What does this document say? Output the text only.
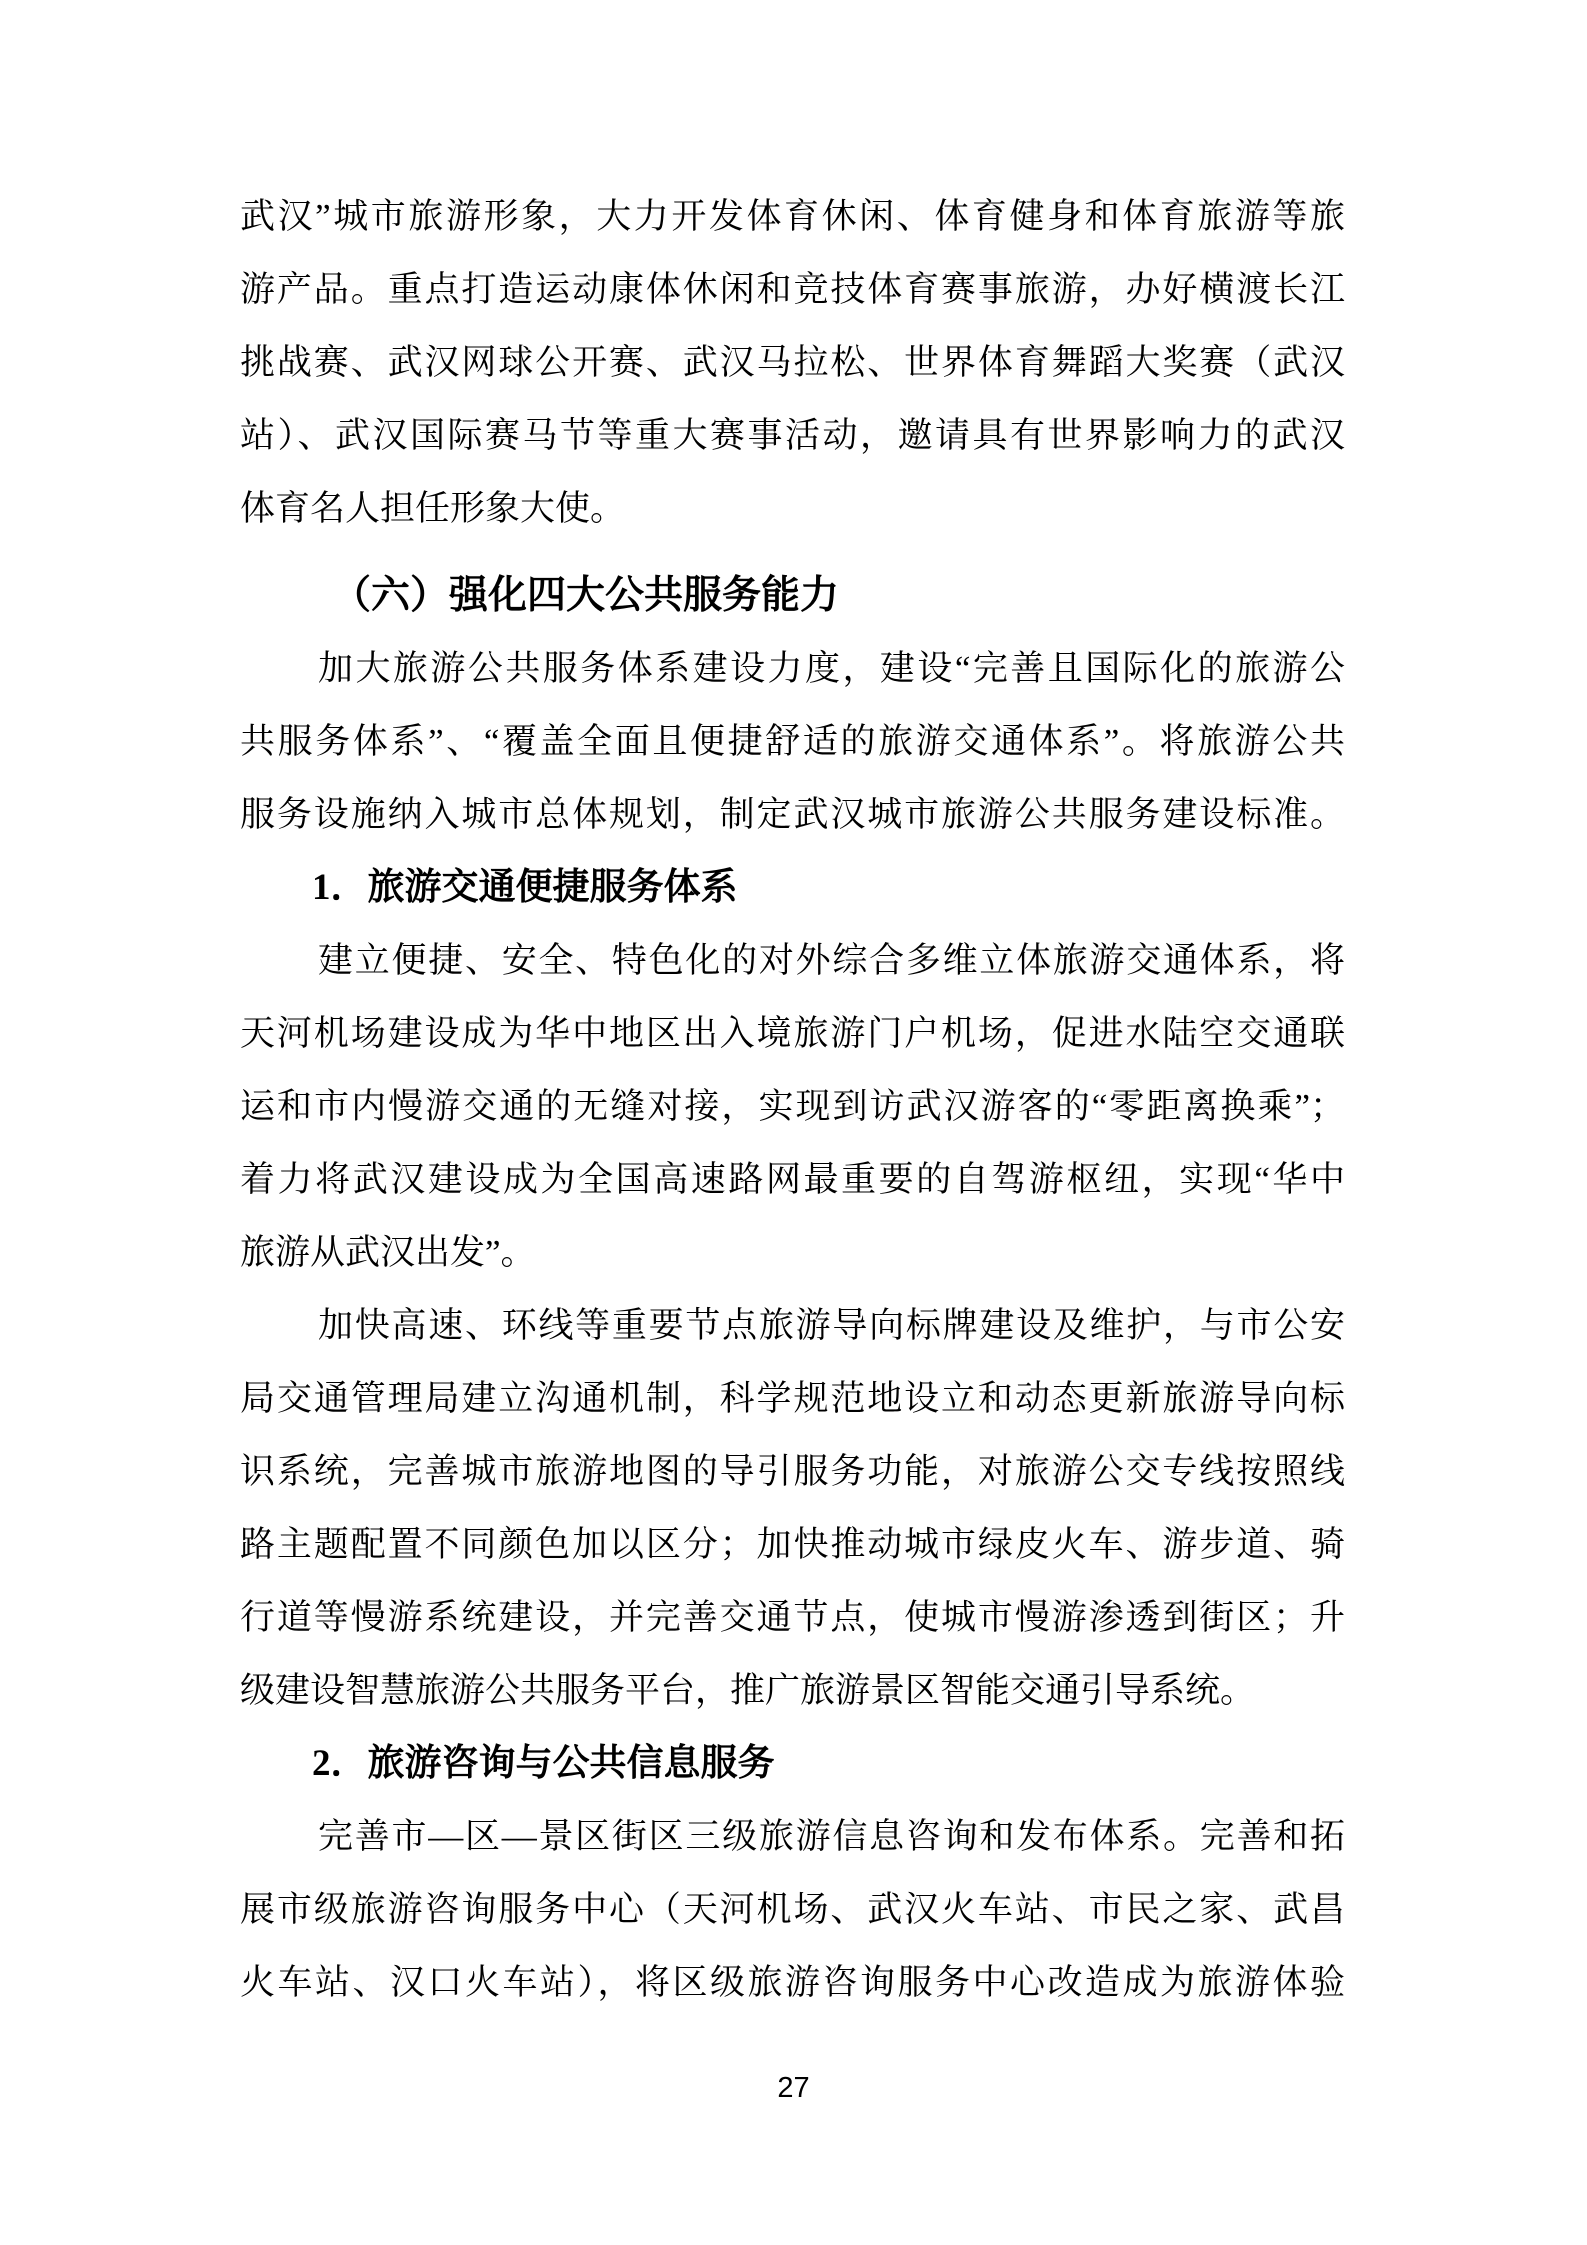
武汉”城市旅游形象，大力开发体育休闲、体育健身和体育旅游等旅
游产品。重点打造运动康体休闲和竞技体育赛事旅游，办好横渡长江
挑战赛、武汉网球公开赛、武汉马拉松、世界体育舞蹈大奖赛（武汉
站）、武汉国际赛马节等重大赛事活动，邀请具有世界影响力的武汉
体育名人担任形象大使。
（六）强化四大公共服务能力
加大旅游公共服务体系建设力度，建设“完善且国际化的旅游公
共服务体系”、“覆盖全面且便捷舒适的旅游交通体系”。将旅游公共
服务设施纳入城市总体规划，制定武汉城市旅游公共服务建设标准。
1．旅游交通便捷服务体系
建立便捷、安全、特色化的对外综合多维立体旅游交通体系，将
天河机场建设成为华中地区出入境旅游门户机场，促进水陆空交通联
运和市内慢游交通的无缝对接，实现到访武汉游客的“零距离换乘”；
着力将武汉建设成为全国高速路网最重要的自驾游枢纽，实现“华中
旅游从武汉出发”。
加快高速、环线等重要节点旅游导向标牌建设及维护，与市公安
局交通管理局建立沟通机制，科学规范地设立和动态更新旅游导向标
识系统，完善城市旅游地图的导引服务功能，对旅游公交专线按照线
路主题配置不同颜色加以区分；加快推动城市绿皮火车、游步道、骑
行道等慢游系统建设，并完善交通节点，使城市慢游渗透到街区；升
级建设智慧旅游公共服务平台，推广旅游景区智能交通引导系统。
2．旅游咨询与公共信息服务
完善市—区—景区街区三级旅游信息咨询和发布体系。完善和拓
展市级旅游咨询服务中心（天河机场、武汉火车站、市民之家、武昌
火车站、汉口火车站），将区级旅游咨询服务中心改造成为旅游体验
27
